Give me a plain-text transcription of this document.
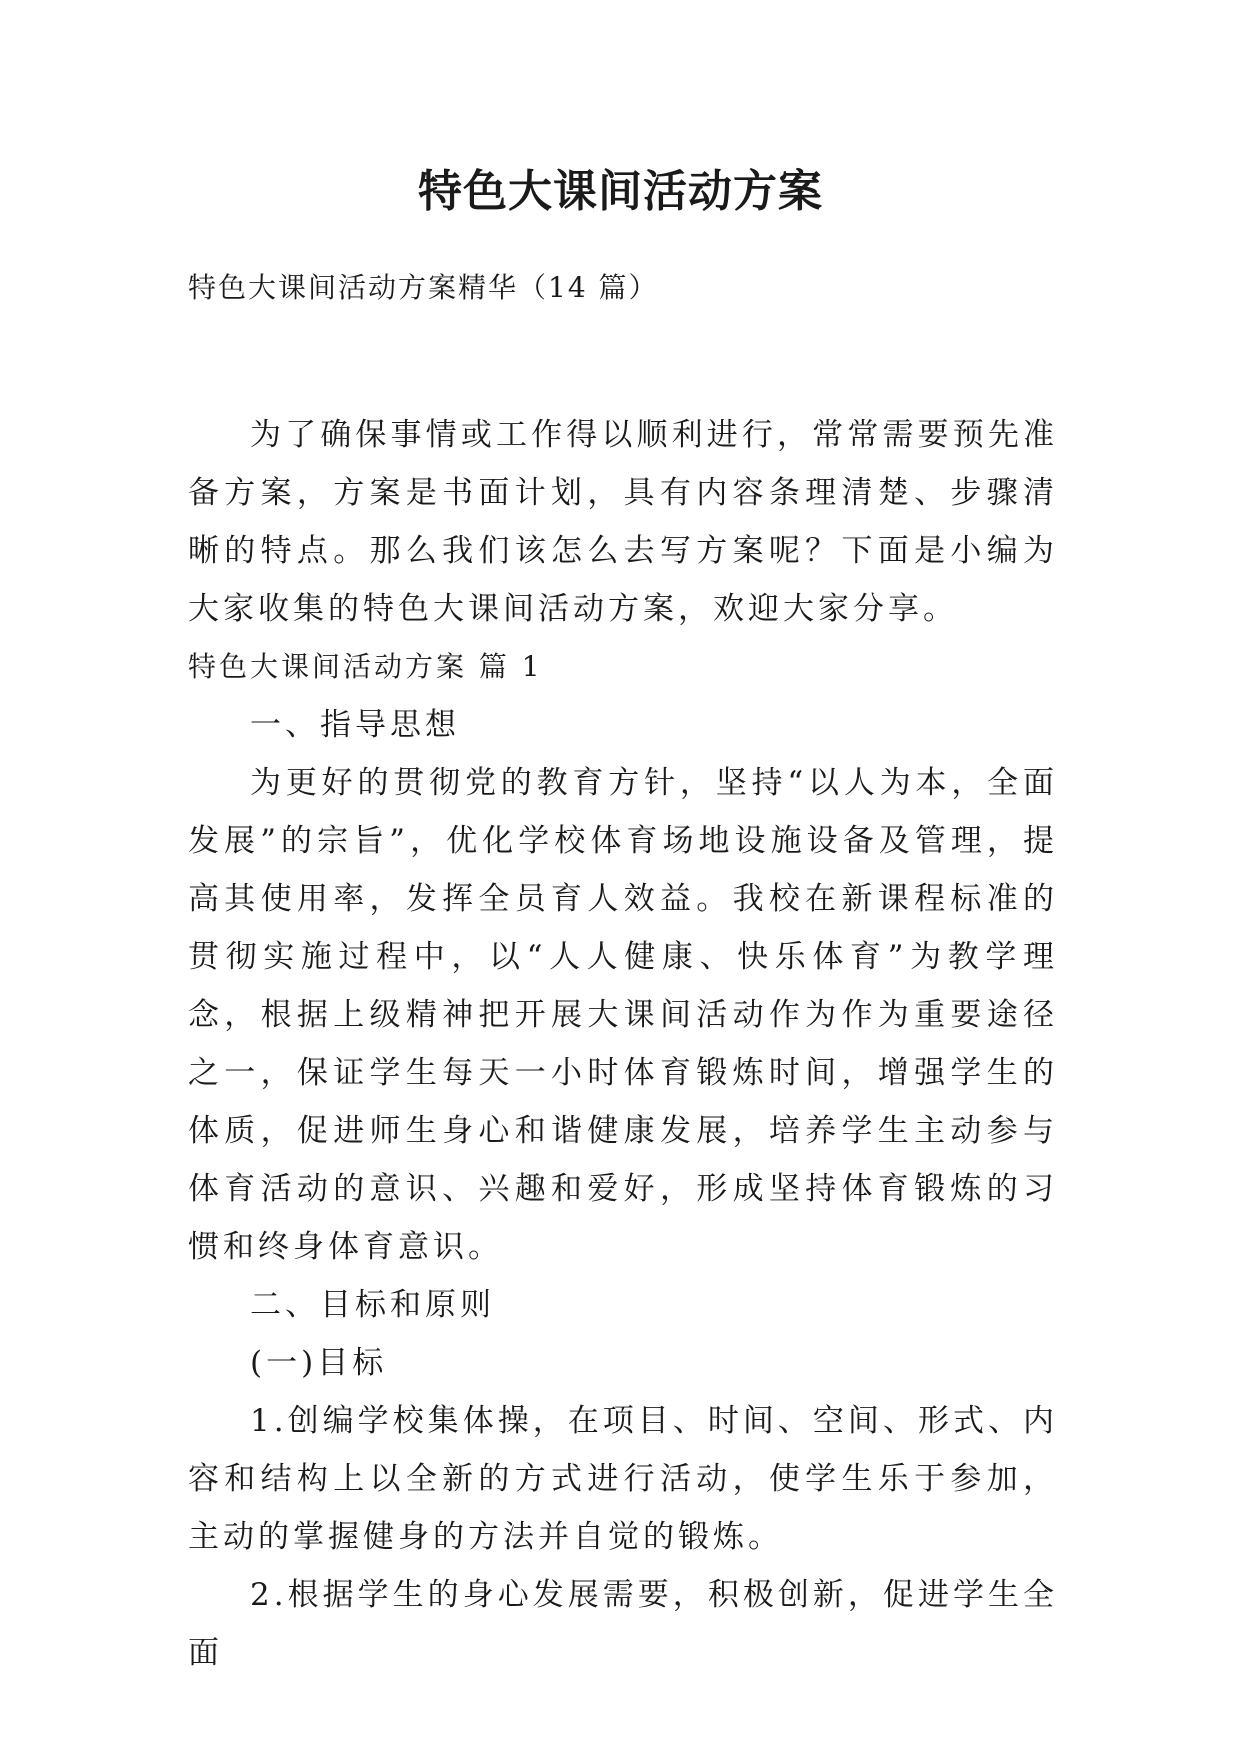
特色大课间活动方案

特色大课间活动方案精华（14 篇）

为了确保事情或工作得以顺利进行，常常需要预先准备方案，方案是书面计划，具有内容条理清楚、步骤清晰的特点。那么我们该怎么去写方案呢？下面是小编为大家收集的特色大课间活动方案，欢迎大家分享。

特色大课间活动方案 篇 1

一、指导思想

为更好的贯彻党的教育方针，坚持“以人为本，全面发展”的宗旨”，优化学校体育场地设施设备及管理，提高其使用率，发挥全员育人效益。我校在新课程标准的贯彻实施过程中，以“人人健康、快乐体育”为教学理念，根据上级精神把开展大课间活动作为作为重要途径之一，保证学生每天一小时体育锻炼时间，增强学生的体质，促进师生身心和谐健康发展，培养学生主动参与体育活动的意识、兴趣和爱好，形成坚持体育锻炼的习惯和终身体育意识。

二、目标和原则

(一)目标

1.创编学校集体操，在项目、时间、空间、形式、内容和结构上以全新的方式进行活动，使学生乐于参加，主动的掌握健身的方法并自觉的锻炼。

2.根据学生的身心发展需要，积极创新，促进学生全面
